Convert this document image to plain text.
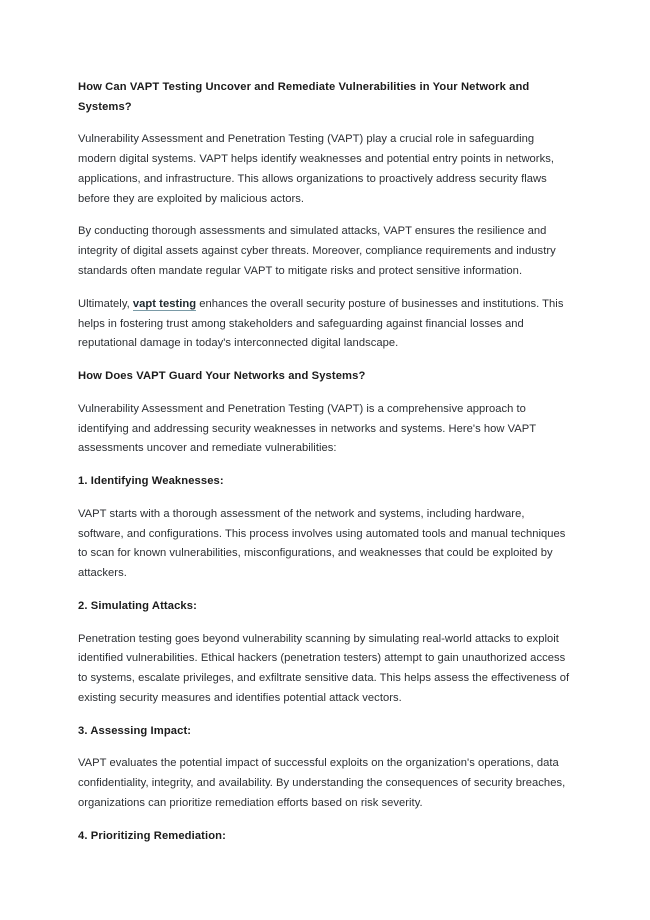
How Can VAPT Testing Uncover and Remediate Vulnerabilities in Your Network and Systems?

Vulnerability Assessment and Penetration Testing (VAPT) play a crucial role in safeguarding modern digital systems. VAPT helps identify weaknesses and potential entry points in networks, applications, and infrastructure. This allows organizations to proactively address security flaws before they are exploited by malicious actors.

By conducting thorough assessments and simulated attacks, VAPT ensures the resilience and integrity of digital assets against cyber threats. Moreover, compliance requirements and industry standards often mandate regular VAPT to mitigate risks and protect sensitive information.

Ultimately, vapt testing enhances the overall security posture of businesses and institutions. This helps in fostering trust among stakeholders and safeguarding against financial losses and reputational damage in today's interconnected digital landscape.

How Does VAPT Guard Your Networks and Systems?

Vulnerability Assessment and Penetration Testing (VAPT) is a comprehensive approach to identifying and addressing security weaknesses in networks and systems. Here's how VAPT assessments uncover and remediate vulnerabilities:

1. Identifying Weaknesses:

VAPT starts with a thorough assessment of the network and systems, including hardware, software, and configurations. This process involves using automated tools and manual techniques to scan for known vulnerabilities, misconfigurations, and weaknesses that could be exploited by attackers.

2. Simulating Attacks:

Penetration testing goes beyond vulnerability scanning by simulating real-world attacks to exploit identified vulnerabilities. Ethical hackers (penetration testers) attempt to gain unauthorized access to systems, escalate privileges, and exfiltrate sensitive data. This helps assess the effectiveness of existing security measures and identifies potential attack vectors.

3. Assessing Impact:

VAPT evaluates the potential impact of successful exploits on the organization's operations, data confidentiality, integrity, and availability. By understanding the consequences of security breaches, organizations can prioritize remediation efforts based on risk severity.

4. Prioritizing Remediation:
